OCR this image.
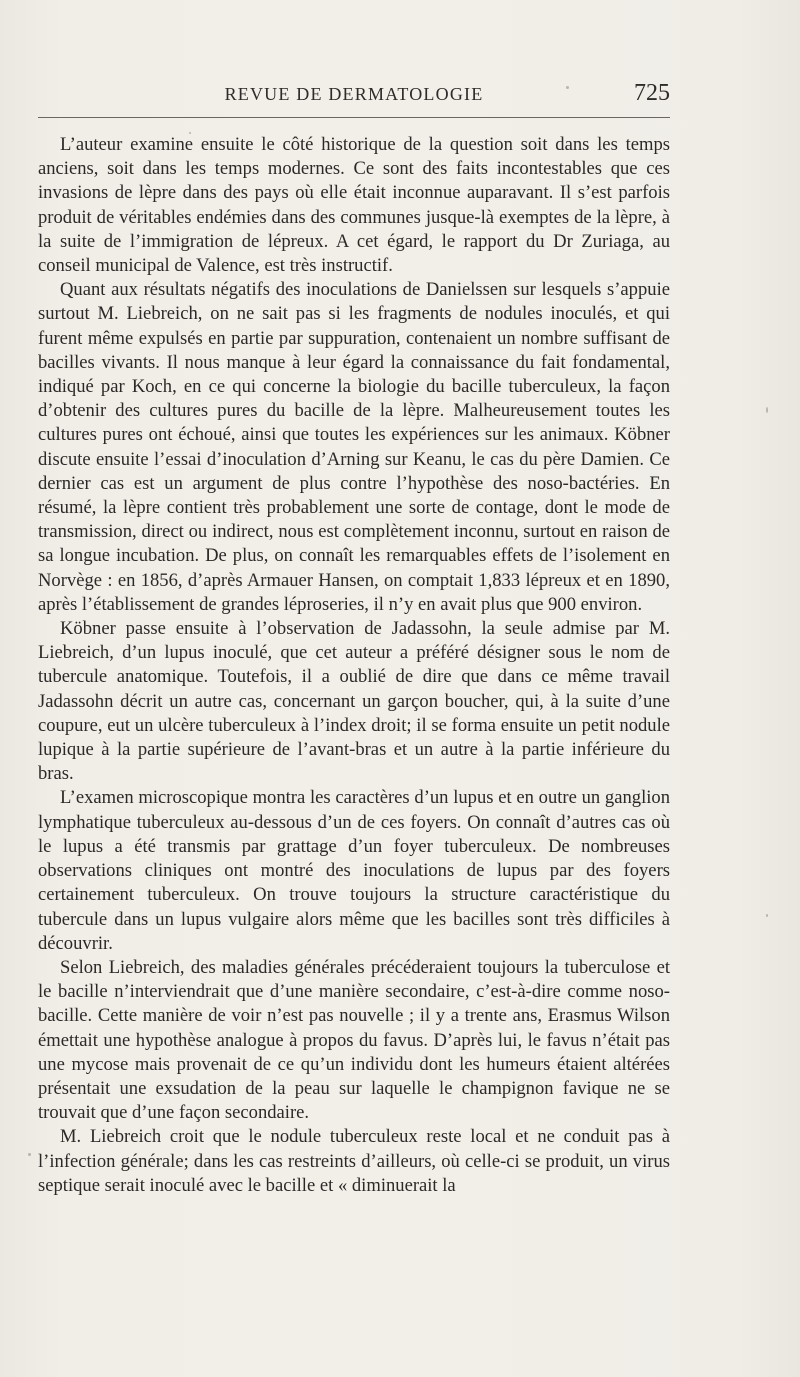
REVUE DE DERMATOLOGIE	725

L’auteur examine ensuite le côté historique de la question soit dans les temps anciens, soit dans les temps modernes. Ce sont des faits incontestables que ces invasions de lèpre dans des pays où elle était inconnue auparavant. Il s’est parfois produit de véritables endémies dans des communes jusque-là exemptes de la lèpre, à la suite de l’immigration de lépreux. A cet égard, le rapport du Dr Zuriaga, au conseil municipal de Valence, est très instructif.

Quant aux résultats négatifs des inoculations de Danielssen sur lesquels s’appuie surtout M. Liebreich, on ne sait pas si les fragments de nodules inoculés, et qui furent même expulsés en partie par suppuration, contenaient un nombre suffisant de bacilles vivants. Il nous manque à leur égard la connaissance du fait fondamental, indiqué par Koch, en ce qui concerne la biologie du bacille tuberculeux, la façon d’obtenir des cultures pures du bacille de la lèpre. Malheureusement toutes les cultures pures ont échoué, ainsi que toutes les expériences sur les animaux. Köbner discute ensuite l’essai d’inoculation d’Arning sur Keanu, le cas du père Damien. Ce dernier cas est un argument de plus contre l’hypothèse des noso-bactéries. En résumé, la lèpre contient très probablement une sorte de contage, dont le mode de transmission, direct ou indirect, nous est complètement inconnu, surtout en raison de sa longue incubation. De plus, on connaît les remarquables effets de l’isolement en Norvège : en 1856, d’après Armauer Hansen, on comptait 1,833 lépreux et en 1890, après l’établissement de grandes léproseries, il n’y en avait plus que 900 environ.

Köbner passe ensuite à l’observation de Jadassohn, la seule admise par M. Liebreich, d’un lupus inoculé, que cet auteur a préféré désigner sous le nom de tubercule anatomique. Toutefois, il a oublié de dire que dans ce même travail Jadassohn décrit un autre cas, concernant un garçon boucher, qui, à la suite d’une coupure, eut un ulcère tuberculeux à l’index droit; il se forma ensuite un petit nodule lupique à la partie supérieure de l’avant-bras et un autre à la partie inférieure du bras.

L’examen microscopique montra les caractères d’un lupus et en outre un ganglion lymphatique tuberculeux au-dessous d’un de ces foyers. On connaît d’autres cas où le lupus a été transmis par grattage d’un foyer tuberculeux. De nombreuses observations cliniques ont montré des inoculations de lupus par des foyers certainement tuberculeux. On trouve toujours la structure caractéristique du tubercule dans un lupus vulgaire alors même que les bacilles sont très difficiles à découvrir.

Selon Liebreich, des maladies générales précéderaient toujours la tuberculose et le bacille n’interviendrait que d’une manière secondaire, c’est-à-dire comme noso-bacille. Cette manière de voir n’est pas nouvelle ; il y a trente ans, Erasmus Wilson émettait une hypothèse analogue à propos du favus. D’après lui, le favus n’était pas une mycose mais provenait de ce qu’un individu dont les humeurs étaient altérées présentait une exsudation de la peau sur laquelle le champignon favique ne se trouvait que d’une façon secondaire.

M. Liebreich croit que le nodule tuberculeux reste local et ne conduit pas à l’infection générale; dans les cas restreints d’ailleurs, où celle-ci se produit, un virus septique serait inoculé avec le bacille et « diminuerait la
